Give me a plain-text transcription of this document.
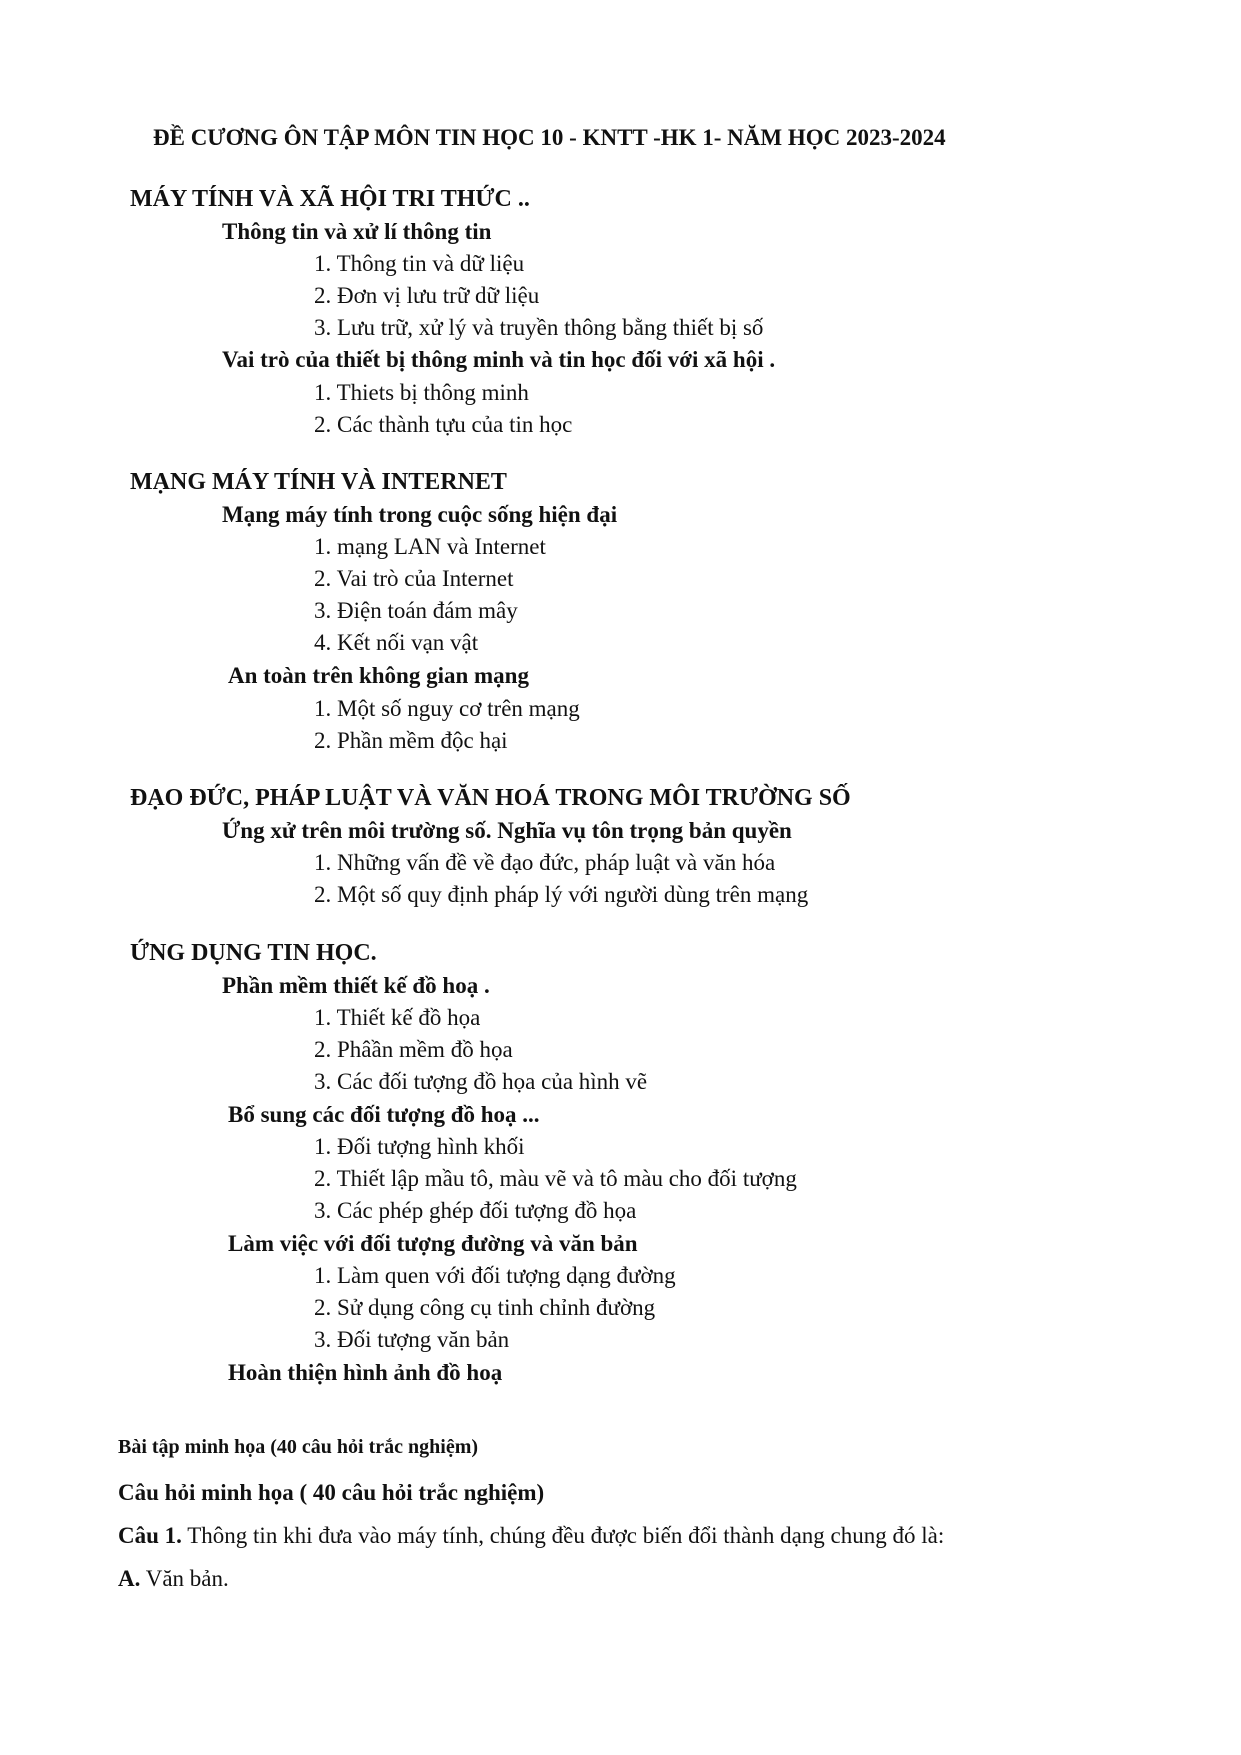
ĐỀ CƯƠNG ÔN TẬP MÔN TIN HỌC 10 - KNTT -HK 1- NĂM HỌC 2023-2024
MÁY TÍNH VÀ XÃ HỘI TRI THỨC ..
Thông tin và xử lí thông tin
1. Thông tin và dữ liệu
2. Đơn vị lưu trữ dữ liệu
3. Lưu trữ, xử lý và truyền thông bằng thiết bị số
Vai trò của thiết bị thông minh và tin học đối với xã hội .
1. Thiets bị thông minh
2. Các thành tựu của tin học
MẠNG MÁY TÍNH VÀ INTERNET
Mạng máy tính trong cuộc sống hiện đại
1. mạng LAN và Internet
2. Vai trò của Internet
3. Điện toán đám mây
4. Kết nối vạn vật
An toàn trên không gian mạng
1. Một số nguy cơ trên mạng
2. Phần mềm độc hại
ĐẠO ĐỨC, PHÁP LUẬT VÀ VĂN HOÁ TRONG MÔI TRƯỜNG SỐ
Ứng xử trên môi trường số. Nghĩa vụ tôn trọng bản quyền
1. Những vấn đề về đạo đức, pháp luật và văn hóa
2. Một số quy định pháp lý với người dùng trên mạng
ỨNG DỤNG TIN HỌC.
Phần mềm thiết kế đồ hoạ .
1. Thiết kế đồ họa
2. Phâần mềm đồ họa
3. Các đối tượng đồ họa của hình vẽ
Bổ sung các đối tượng đồ hoạ ...
1. Đối tượng hình khối
2. Thiết lập mầu tô, màu vẽ và tô màu cho đối tượng
3. Các phép ghép đối tượng đồ họa
Làm việc với đối tượng đường và văn bản
1. Làm quen với đối tượng dạng đường
2. Sử dụng công cụ tinh chỉnh đường
3. Đối tượng văn bản
Hoàn thiện hình ảnh đồ hoạ
Bài tập minh họa (40 câu hỏi trắc nghiệm)
Câu hỏi minh họa ( 40 câu hỏi trắc nghiệm)
Câu 1. Thông tin khi đưa vào máy tính, chúng đều được biến đổi thành dạng chung đó là:
A. Văn bản.
